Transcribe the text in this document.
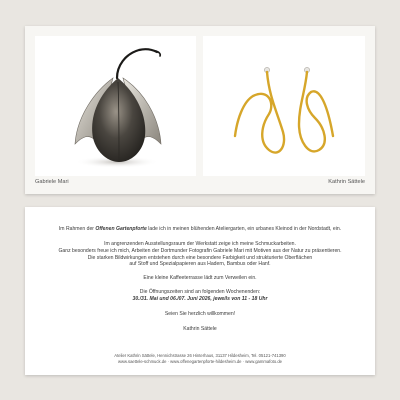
Gabriele Mari	Kathrin Sättele
Im Rahmen der Offenen Gartenpforte lade ich in meinen blühenden Ateliergarten, ein urbanes Kleinod in der Nordstadt, ein.
Im angrenzenden Ausstellungsraum der Werkstatt zeige ich meine Schmuckarbeiten.
Ganz besonders freue ich mich, Arbeiten der Dortmunder Fotografin Gabriele Mari mit Motiven aus der Natur zu präsentieren.
Die starken Bildwirkungen entstehen durch eine besondere Farbigkeit und strukturierte Oberflächen
auf Stoff und Spezialpapieren aus Hadern, Bambus oder Hanf.
Eine kleine Kaffeeterrasse lädt zum Verweilen ein.
Die Öffnungszeiten sind an folgenden Wochenenden:
30./31. Mai und 06./07. Juni 2026, jeweils von 11 - 18 Uhr
Seien Sie herzlich willkommen!
Kathrin Sättele
Atelier Kathrin Sättele, Hennichstrasse 26 Hinterhaus, 31137 Hildesheim, Tel. 05121-741390
www.saettele-schmuck.de · www.offenegartenpforte-hildesheim.de · www.gammafoto.de
